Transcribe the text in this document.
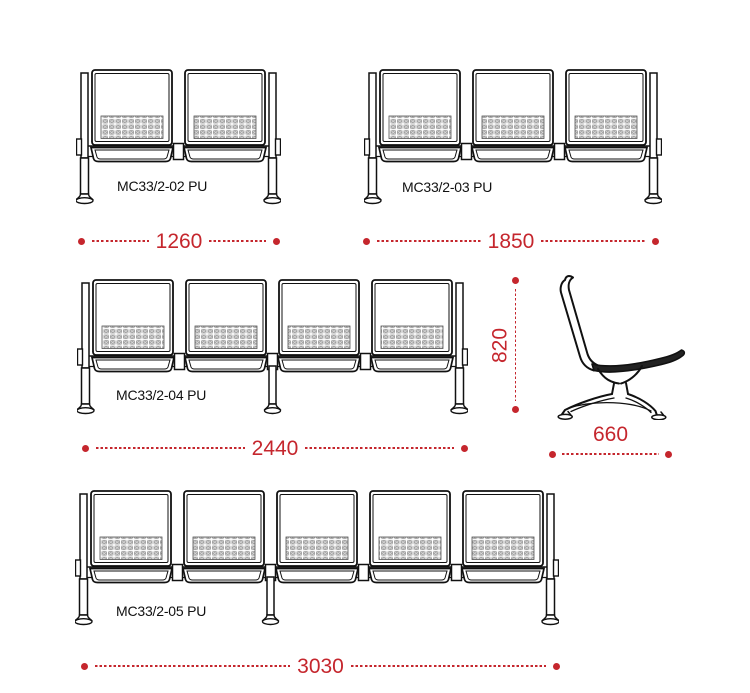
MC33/2-02 PU
1260
MC33/2-03 PU
1850
MC33/2-04 PU
2440
820
660
MC33/2-05 PU
3030
